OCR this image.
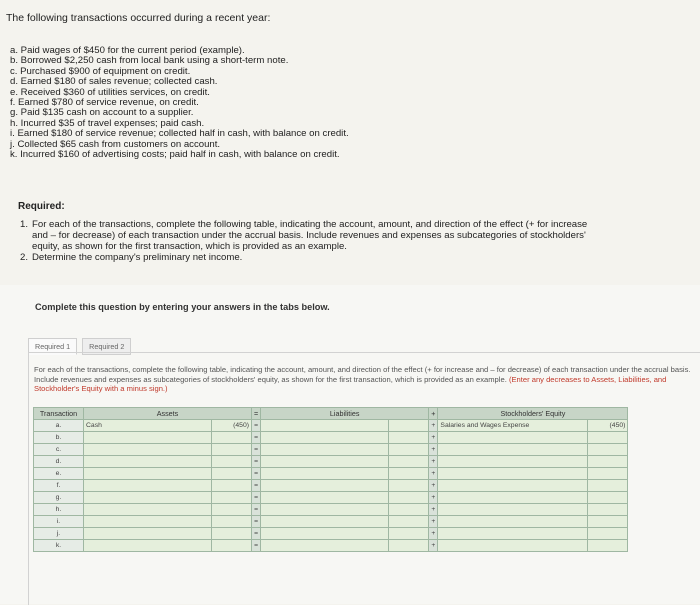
The following transactions occurred during a recent year:
a. Paid wages of $450 for the current period (example).
b. Borrowed $2,250 cash from local bank using a short-term note.
c. Purchased $900 of equipment on credit.
d. Earned $180 of sales revenue; collected cash.
e. Received $360 of utilities services, on credit.
f. Earned $780 of service revenue, on credit.
g. Paid $135 cash on account to a supplier.
h. Incurred $35 of travel expenses; paid cash.
i. Earned $180 of service revenue; collected half in cash, with balance on credit.
j. Collected $65 cash from customers on account.
k. Incurred $160 of advertising costs; paid half in cash, with balance on credit.
Required:
1. For each of the transactions, complete the following table, indicating the account, amount, and direction of the effect (+ for increase and – for decrease) of each transaction under the accrual basis. Include revenues and expenses as subcategories of stockholders' equity, as shown for the first transaction, which is provided as an example.
2. Determine the company's preliminary net income.
Complete this question by entering your answers in the tabs below.
Required 1	Required 2
For each of the transactions, complete the following table, indicating the account, amount, and direction of the effect (+ for increase and – for decrease) of each transaction under the accrual basis. Include revenues and expenses as subcategories of stockholders' equity, as shown for the first transaction, which is provided as an example. (Enter any decreases to Assets, Liabilities, and Stockholder's Equity with a minus sign.)
Transaction	Assets		=	Liabilities		+	Stockholders' Equity	
a.	Cash	(450)	=			+	Salaries and Wages Expense	(450)
b.			=			+		
c.			=			+		
d.			=			+		
e.			=			+		
f.			=			+		
g.			=			+		
h.			=			+		
i.			=			+		
j.			=			+		
k.			=			+		
